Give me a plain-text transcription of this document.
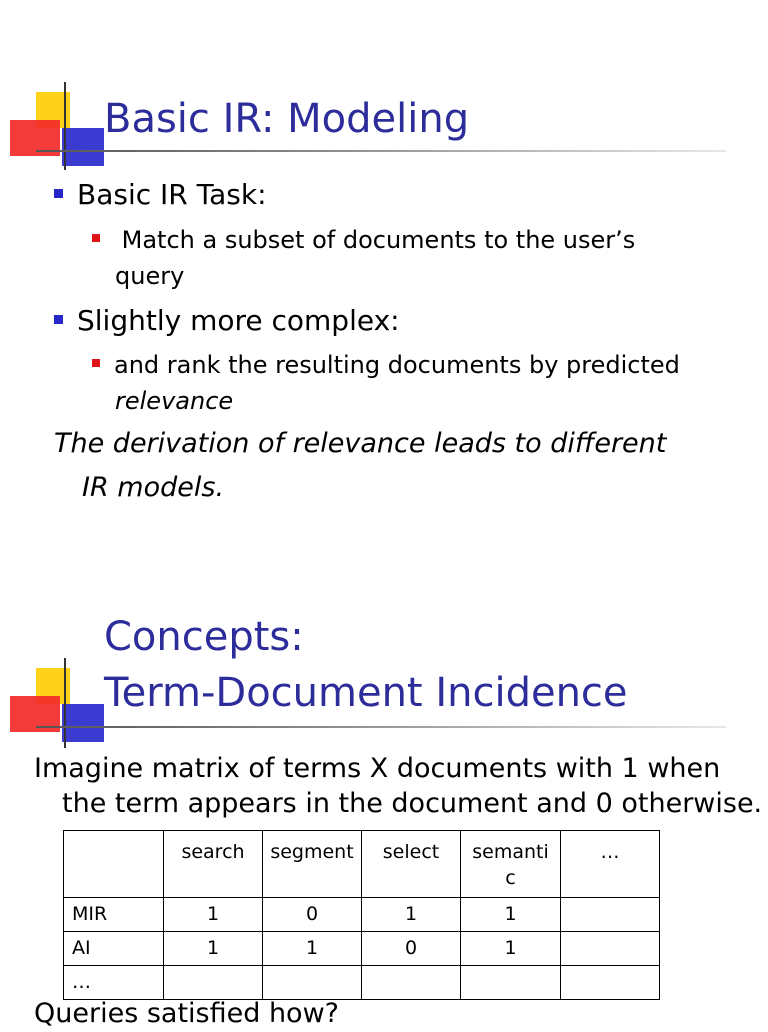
Basic IR: Modeling
Basic IR Task:
Match a subset of documents to the user’s
query
Slightly more complex:
and rank the resulting documents by predicted
relevance
The derivation of relevance leads to different
IR models.
Concepts:
Term-Document Incidence
Imagine matrix of terms X documents with 1 when
the term appears in the document and 0 otherwise.
	search	segment	select	semanti c	…
MIR	1	0	1	1	
AI	1	1	0	1	
…					
Queries satisfied how?
